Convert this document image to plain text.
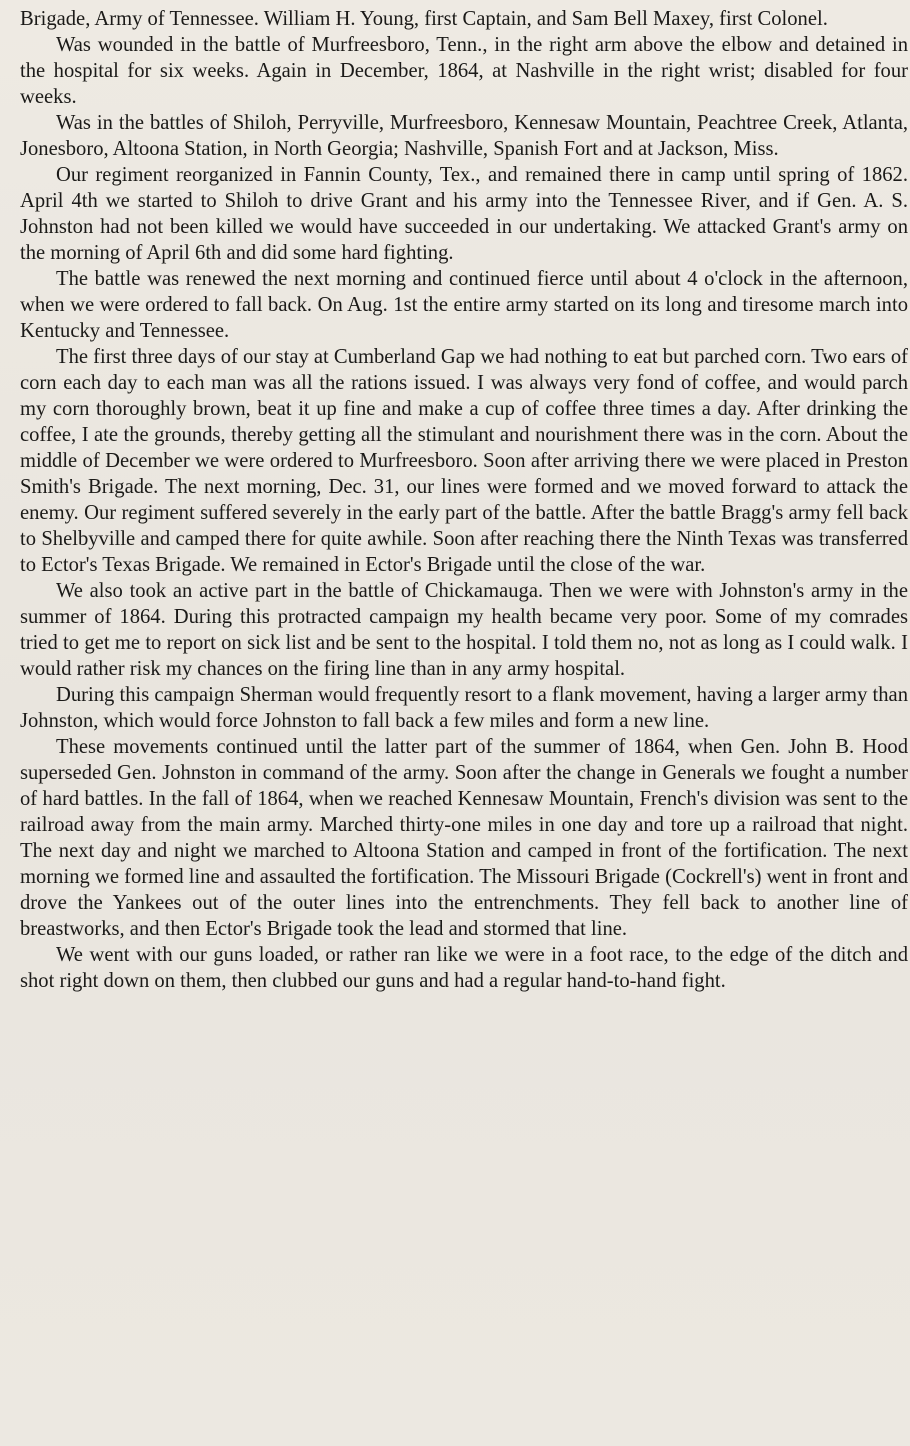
Brigade, Army of Tennessee. William H. Young, first Captain, and Sam Bell Maxey, first Colonel.

Was wounded in the battle of Murfreesboro, Tenn., in the right arm above the elbow and detained in the hospital for six weeks. Again in December, 1864, at Nashville in the right wrist; disabled for four weeks.

Was in the battles of Shiloh, Perryville, Murfreesboro, Kennesaw Mountain, Peachtree Creek, Atlanta, Jonesboro, Altoona Station, in North Georgia; Nashville, Spanish Fort and at Jackson, Miss.

Our regiment reorganized in Fannin County, Tex., and remained there in camp until spring of 1862. April 4th we started to Shiloh to drive Grant and his army into the Tennessee River, and if Gen. A. S. Johnston had not been killed we would have succeeded in our undertaking. We attacked Grant's army on the morning of April 6th and did some hard fighting.

The battle was renewed the next morning and continued fierce until about 4 o'clock in the afternoon, when we were ordered to fall back. On Aug. 1st the entire army started on its long and tiresome march into Kentucky and Tennessee.

The first three days of our stay at Cumberland Gap we had nothing to eat but parched corn. Two ears of corn each day to each man was all the rations issued. I was always very fond of coffee, and would parch my corn thoroughly brown, beat it up fine and make a cup of coffee three times a day. After drinking the coffee, I ate the grounds, thereby getting all the stimulant and nourishment there was in the corn. About the middle of December we were ordered to Murfreesboro. Soon after arriving there we were placed in Preston Smith's Brigade. The next morning, Dec. 31, our lines were formed and we moved forward to attack the enemy. Our regiment suffered severely in the early part of the battle. After the battle Bragg's army fell back to Shelbyville and camped there for quite awhile. Soon after reaching there the Ninth Texas was transferred to Ector's Texas Brigade. We remained in Ector's Brigade until the close of the war.

We also took an active part in the battle of Chickamauga. Then we were with Johnston's army in the summer of 1864. During this protracted campaign my health became very poor. Some of my comrades tried to get me to report on sick list and be sent to the hospital. I told them no, not as long as I could walk. I would rather risk my chances on the firing line than in any army hospital.

During this campaign Sherman would frequently resort to a flank movement, having a larger army than Johnston, which would force Johnston to fall back a few miles and form a new line.

These movements continued until the latter part of the summer of 1864, when Gen. John B. Hood superseded Gen. Johnston in command of the army. Soon after the change in Generals we fought a number of hard battles. In the fall of 1864, when we reached Kennesaw Mountain, French's division was sent to the railroad away from the main army. Marched thirty-one miles in one day and tore up a railroad that night. The next day and night we marched to Altoona Station and camped in front of the fortification. The next morning we formed line and assaulted the fortification. The Missouri Brigade (Cockrell's) went in front and drove the Yankees out of the outer lines into the entrenchments. They fell back to another line of breastworks, and then Ector's Brigade took the lead and stormed that line.

We went with our guns loaded, or rather ran like we were in a foot race, to the edge of the ditch and shot right down on them, then clubbed our guns and had a regular hand-to-hand fight.
